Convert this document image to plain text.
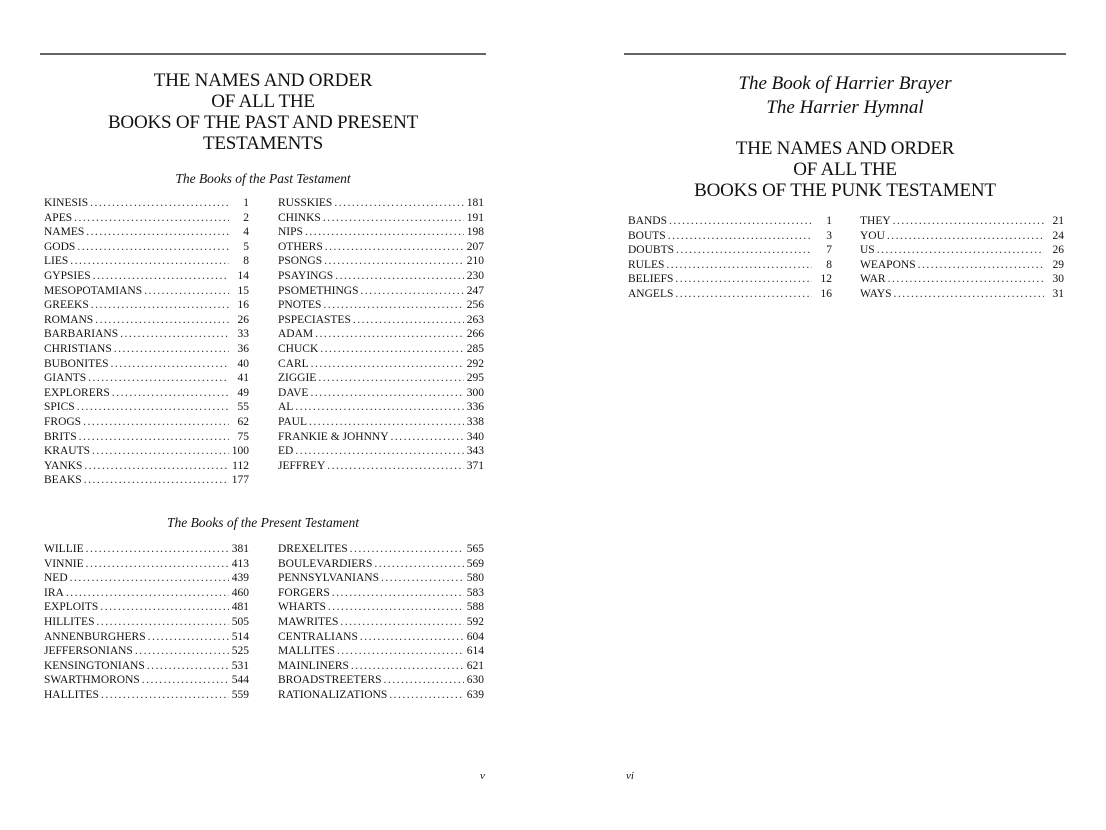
THE NAMES AND ORDER
OF ALL THE
BOOKS OF THE PAST AND PRESENT
TESTAMENTS
The Books of the Past Testament
KINESIS .....	1
APES .....	2
NAMES .....	4
GODS .....	5
LIES .....	8
GYPSIES .....	14
MESOPOTAMIANS .....	15
GREEKS .....	16
ROMANS .....	26
BARBARIANS .....	33
CHRISTIANS .....	36
BUBONITES .....	40
GIANTS .....	41
EXPLORERS .....	49
SPICS .....	55
FROGS .....	62
BRITS .....	75
KRAUTS .....	100
YANKS .....	112
BEAKS .....	177
RUSSKIES .....	181
CHINKS .....	191
NIPS .....	198
OTHERS .....	207
PSONGS .....	210
PSAYINGS .....	230
PSOMETHINGS .....	247
PNOTES .....	256
PSPECIASTES .....	263
ADAM .....	266
CHUCK .....	285
CARL .....	292
ZIGGIE .....	295
DAVE .....	300
AL .....	336
PAUL .....	338
FRANKIE & JOHNNY .....	340
ED .....	343
JEFFREY .....	371
The Books of the Present Testament
WILLIE .....	381
VINNIE .....	413
NED .....	439
IRA .....	460
EXPLOITS .....	481
HILLITES .....	505
ANNENBURGHERS .....	514
JEFFERSONIANS .....	525
KENSINGTONIANS .....	531
SWARTHMORONS .....	544
HALLITES .....	559
DREXELITES .....	565
BOULEVARDIERS .....	569
PENNSYLVANIANS .....	580
FORGERS .....	583
WHARTS .....	588
MAWRITES .....	592
CENTRALIANS .....	604
MALLITES .....	614
MAINLINERS .....	621
BROADSTREETERS .....	630
RATIONALIZATIONS .....	639
v
The Book of Harrier Brayer
The Harrier Hymnal
THE NAMES AND ORDER
OF ALL THE
BOOKS OF THE PUNK TESTAMENT
BANDS .....	1
BOUTS .....	3
DOUBTS .....	7
RULES .....	8
BELIEFS .....	12
ANGELS .....	16
THEY .....	21
YOU .....	24
US .....	26
WEAPONS .....	29
WAR .....	30
WAYS .....	31
vi
